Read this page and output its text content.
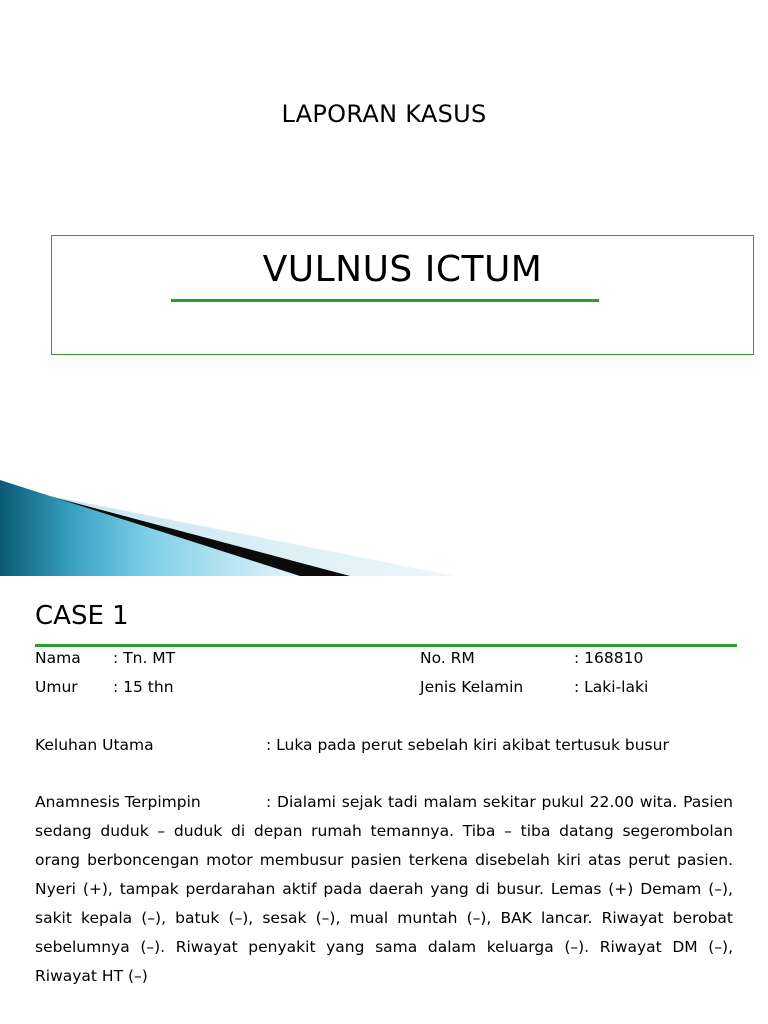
LAPORAN KASUS
VULNUS ICTUM
CASE 1
Nama : Tn. MT	No. RM	: 168810
Umur : 15 thn	Jenis Kelamin	: Laki-laki
Keluhan Utama	: Luka pada perut sebelah kiri akibat tertusuk busur
Anamnesis Terpimpin	: Dialami sejak tadi malam sekitar pukul 22.00 wita. Pasien sedang duduk – duduk di depan rumah temannya. Tiba – tiba datang segerombolan orang berboncengan motor membusur pasien terkena disebelah kiri atas perut pasien. Nyeri (+), tampak perdarahan aktif pada daerah yang di busur. Lemas (+) Demam (–), sakit kepala (–), batuk (–), sesak (–), mual muntah (–), BAK lancar. Riwayat berobat sebelumnya (–). Riwayat penyakit yang sama dalam keluarga (–). Riwayat DM (–), Riwayat HT (–)
